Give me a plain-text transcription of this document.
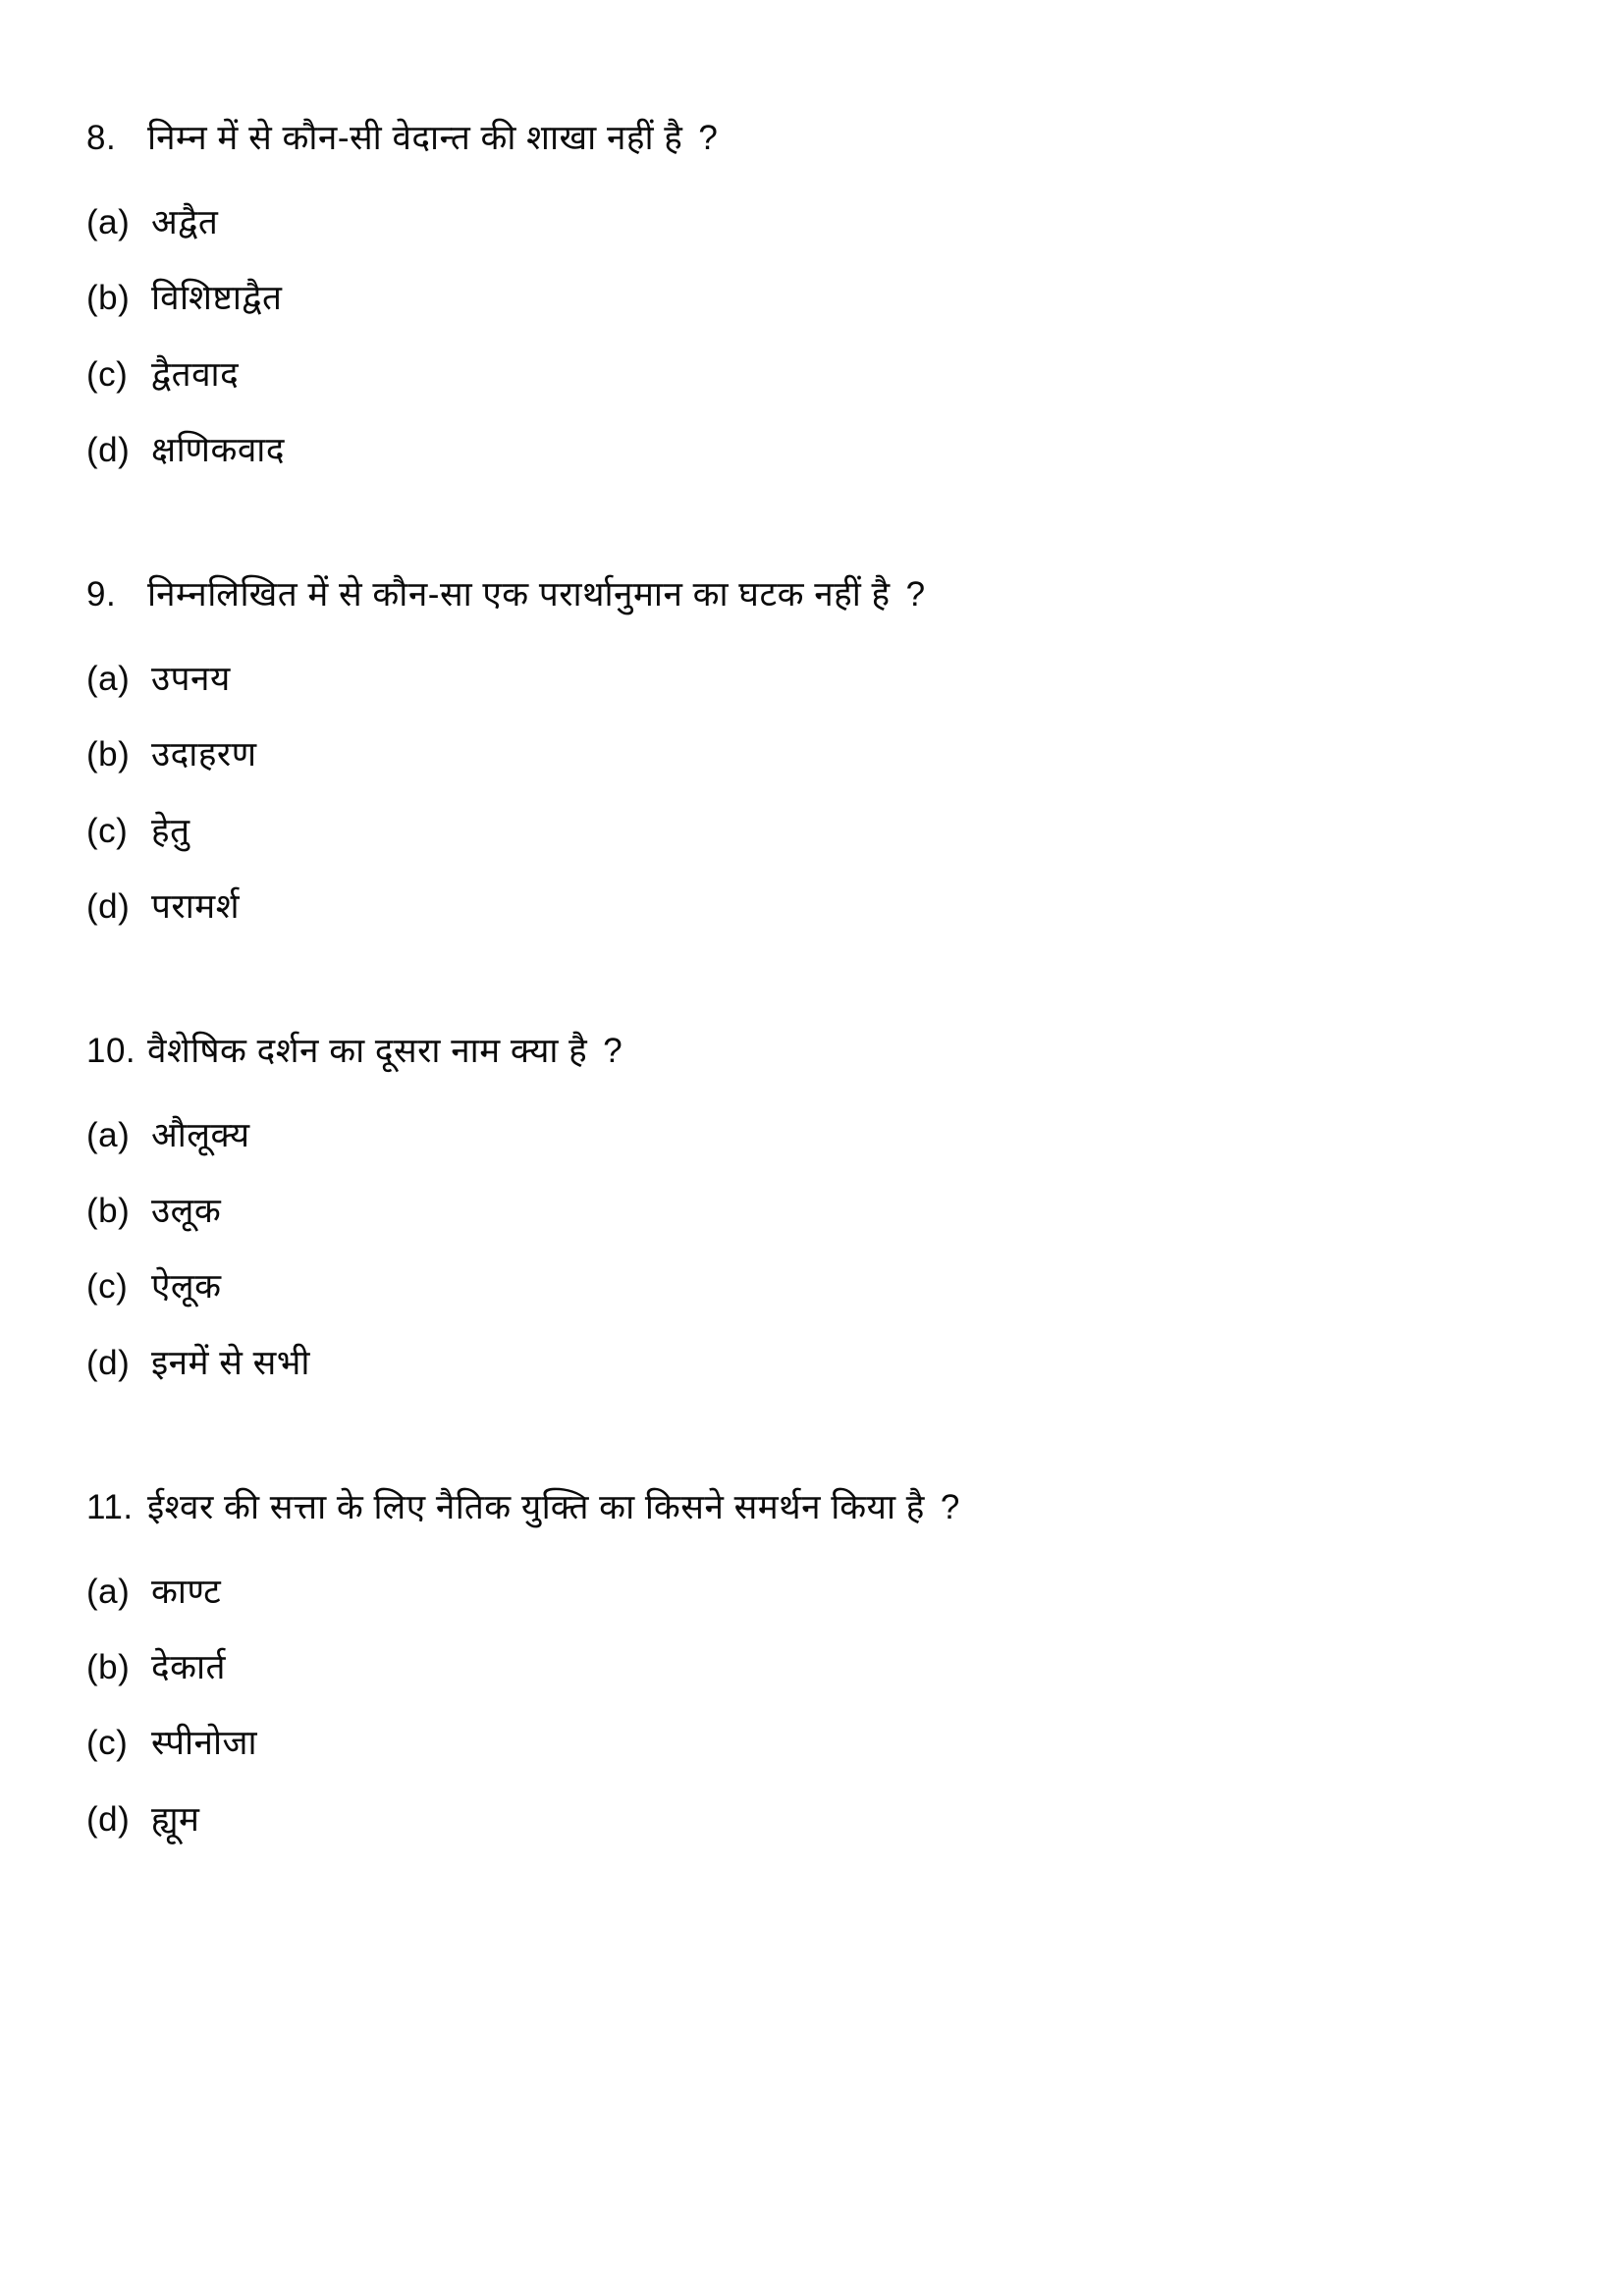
8. निम्न में से कौन-सी वेदान्त की शाखा नहीं है ?
(a) अद्वैत
(b) विशिष्टाद्वैत
(c) द्वैतवाद
(d) क्षणिकवाद
9. निम्नलिखित में से कौन-सा एक परार्थानुमान का घटक नहीं है ?
(a) उपनय
(b) उदाहरण
(c) हेतु
(d) परामर्श
10. वैशेषिक दर्शन का दूसरा नाम क्या है ?
(a) औलूक्य
(b) उलूक
(c) ऐलूक
(d) इनमें से सभी
11. ईश्वर की सत्ता के लिए नैतिक युक्ति का किसने समर्थन किया है ?
(a) काण्ट
(b) देकार्त
(c) स्पीनोजा
(d) ह्यूम
